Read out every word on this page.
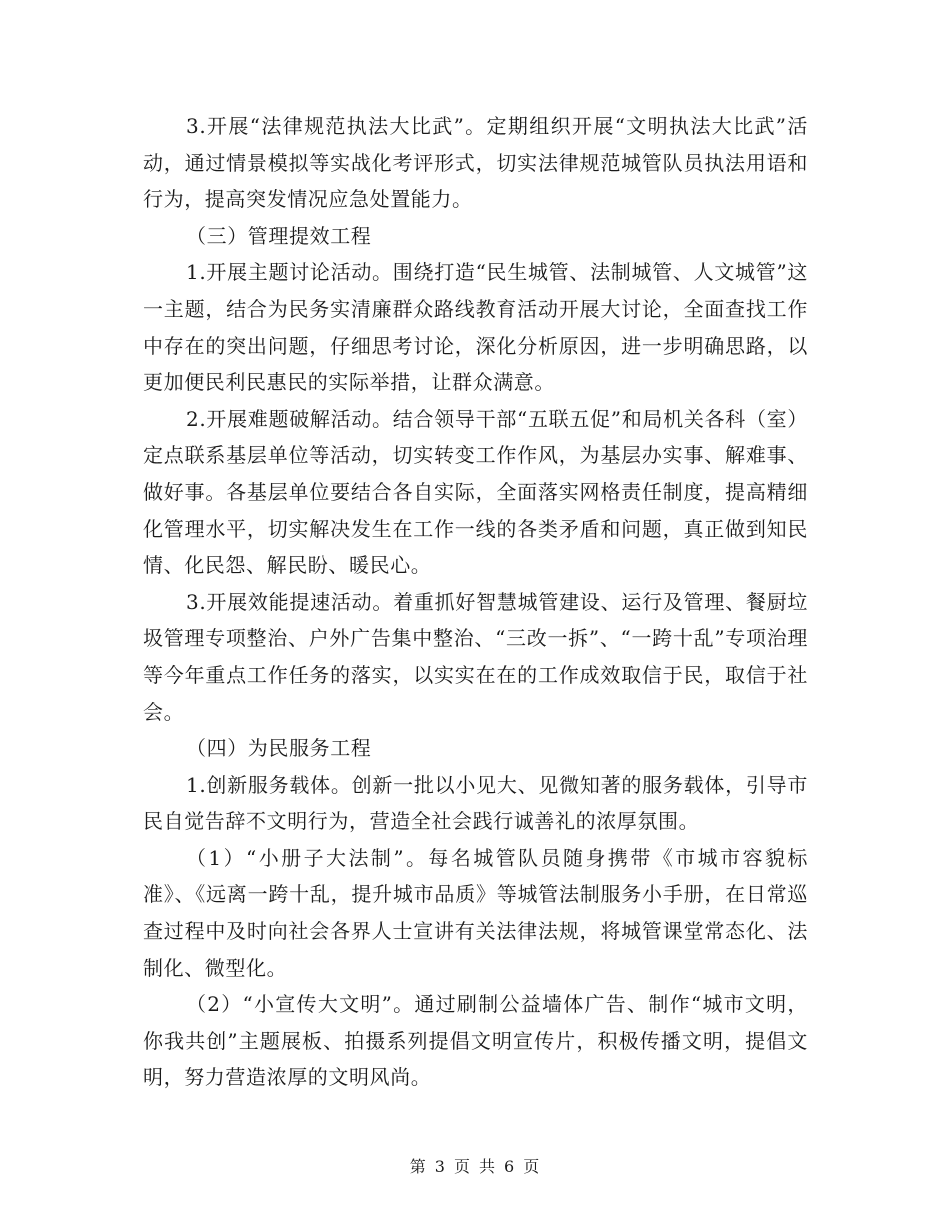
3.开展“法律规范执法大比武”。定期组织开展“文明执法大比武”活动，通过情景模拟等实战化考评形式，切实法律规范城管队员执法用语和行为，提高突发情况应急处置能力。

（三）管理提效工程

1.开展主题讨论活动。围绕打造“民生城管、法制城管、人文城管”这一主题，结合为民务实清廉群众路线教育活动开展大讨论，全面查找工作中存在的突出问题，仔细思考讨论，深化分析原因，进一步明确思路，以更加便民利民惠民的实际举措，让群众满意。

2.开展难题破解活动。结合领导干部“五联五促”和局机关各科（室）定点联系基层单位等活动，切实转变工作作风，为基层办实事、解难事、做好事。各基层单位要结合各自实际，全面落实网格责任制度，提高精细化管理水平，切实解决发生在工作一线的各类矛盾和问题，真正做到知民情、化民怨、解民盼、暖民心。

3.开展效能提速活动。着重抓好智慧城管建设、运行及管理、餐厨垃圾管理专项整治、户外广告集中整治、“三改一拆”、“一跨十乱”专项治理等今年重点工作任务的落实，以实实在在的工作成效取信于民，取信于社会。

（四）为民服务工程

1.创新服务载体。创新一批以小见大、见微知著的服务载体，引导市民自觉告辞不文明行为，营造全社会践行诚善礼的浓厚氛围。

（1）“小册子大法制”。每名城管队员随身携带《市城市容貌标准》、《远离一跨十乱，提升城市品质》等城管法制服务小手册，在日常巡查过程中及时向社会各界人士宣讲有关法律法规，将城管课堂常态化、法制化、微型化。

（2）“小宣传大文明”。通过刷制公益墙体广告、制作“城市文明，你我共创”主题展板、拍摄系列提倡文明宣传片，积极传播文明，提倡文明，努力营造浓厚的文明风尚。

第 3 页 共 6 页
